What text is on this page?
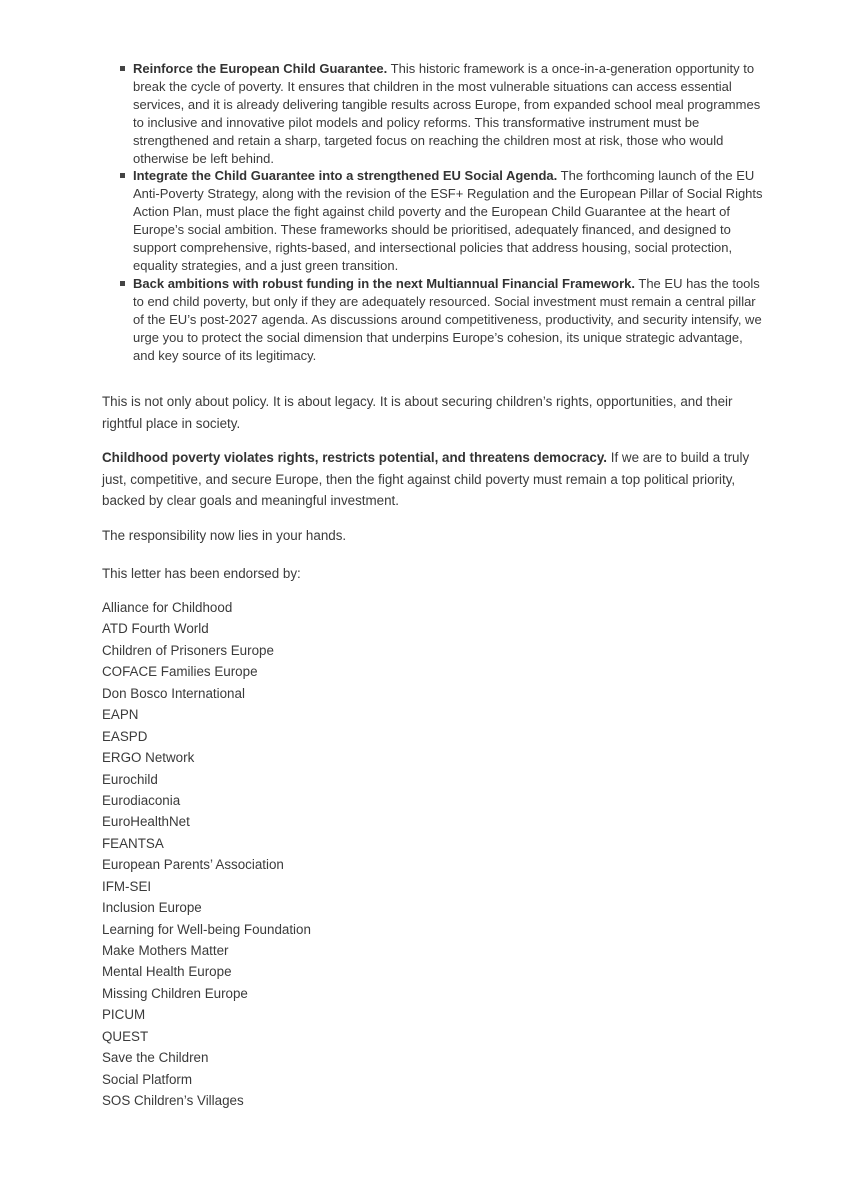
Reinforce the European Child Guarantee. This historic framework is a once-in-a-generation opportunity to break the cycle of poverty. It ensures that children in the most vulnerable situations can access essential services, and it is already delivering tangible results across Europe, from expanded school meal programmes to inclusive and innovative pilot models and policy reforms. This transformative instrument must be strengthened and retain a sharp, targeted focus on reaching the children most at risk, those who would otherwise be left behind.
Integrate the Child Guarantee into a strengthened EU Social Agenda. The forthcoming launch of the EU Anti-Poverty Strategy, along with the revision of the ESF+ Regulation and the European Pillar of Social Rights Action Plan, must place the fight against child poverty and the European Child Guarantee at the heart of Europe’s social ambition. These frameworks should be prioritised, adequately financed, and designed to support comprehensive, rights-based, and intersectional policies that address housing, social protection, equality strategies, and a just green transition.
Back ambitions with robust funding in the next Multiannual Financial Framework. The EU has the tools to end child poverty, but only if they are adequately resourced. Social investment must remain a central pillar of the EU’s post-2027 agenda. As discussions around competitiveness, productivity, and security intensify, we urge you to protect the social dimension that underpins Europe’s cohesion, its unique strategic advantage, and key source of its legitimacy.

This is not only about policy. It is about legacy. It is about securing children’s rights, opportunities, and their rightful place in society.

Childhood poverty violates rights, restricts potential, and threatens democracy. If we are to build a truly just, competitive, and secure Europe, then the fight against child poverty must remain a top political priority, backed by clear goals and meaningful investment.

The responsibility now lies in your hands.

This letter has been endorsed by:

Alliance for Childhood
ATD Fourth World
Children of Prisoners Europe
COFACE Families Europe
Don Bosco International
EAPN
EASPD
ERGO Network
Eurochild
Eurodiaconia
EuroHealthNet
FEANTSA
European Parents’ Association
IFM-SEI
Inclusion Europe
Learning for Well-being Foundation
Make Mothers Matter
Mental Health Europe
Missing Children Europe
PICUM
QUEST
Save the Children
Social Platform
SOS Children’s Villages
